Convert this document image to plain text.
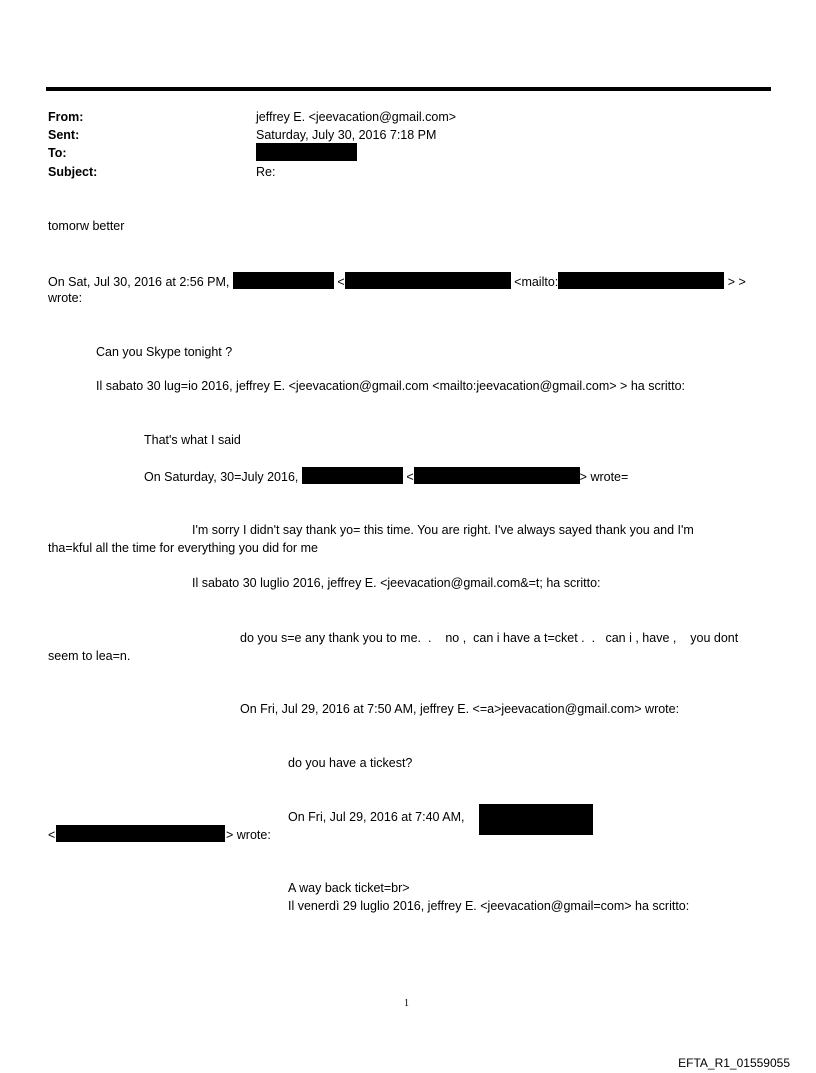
From:	jeffrey E. <jeevacation@gmail.com>
Sent:	Saturday, July 30, 2016 7:18 PM
To:
Subject:	Re:
tomorw better
On Sat, Jul 30, 2016 at 2:56 PM,	<	<mailto:	> >
wrote:
Can you Skype tonight ?
Il sabato 30 lug=io 2016, jeffrey E. <jeevacation@gmail.com <mailto:jeevacation@gmail.com> > ha scritto:
That's what I said
On Saturday, 30=July 2016,	<	> wrote=
I'm sorry I didn't say thank yo= this time. You are right. I've always sayed thank you and I'm
tha=kful all the time for everything you did for me
Il sabato 30 luglio 2016, jeffrey E. <jeevacation@gmail.com&=t; ha scritto:
do you s=e any thank you to me.  .    no ,  can i have a t=cket .  .   can i , have ,    you dont
seem to lea=n.
On Fri, Jul 29, 2016 at 7:50 AM, jeffrey E. <=a>jeevacation@gmail.com> wrote:
do you have a tickest?
On Fri, Jul 29, 2016 at 7:40 AM,
<	> wrote:
A way back ticket=br>
Il venerdì 29 luglio 2016, jeffrey E. <jeevacation@gmail=com> ha scritto:
1
EFTA_R1_01559055
